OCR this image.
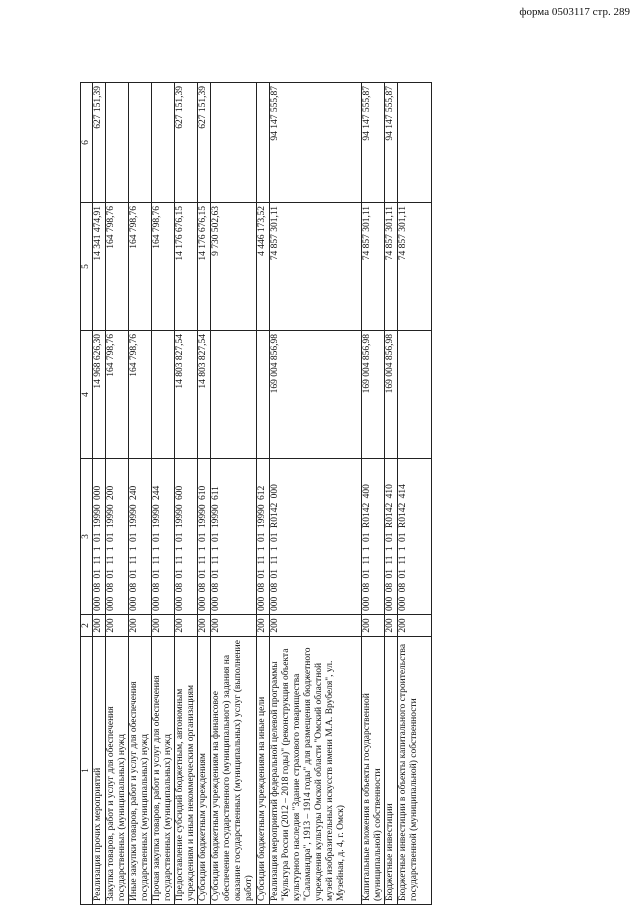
форма 0503117 стр. 289
1	2	3	4	5	6
Реализация прочих мероприятий	200	000 08 01 11 1 01 19990 000	14 968 626,30	14 341 474,91	627 151,39
Закупка товаров, работ и услуг для обеспечения государственных (муниципальных) нужд	200	000 08 01 11 1 01 19990 200	164 798,76	164 798,76	
Иные закупки товаров, работ и услуг для обеспечения государственных (муниципальных) нужд	200	000 08 01 11 1 01 19990 240	164 798,76	164 798,76	
Прочая закупка товаров, работ и услуг для обеспечения государственных (муниципальных) нужд	200	000 08 01 11 1 01 19990 244		164 798,76	
Предоставление субсидий бюджетным, автономным учреждениям и иным некоммерческим организациям	200	000 08 01 11 1 01 19990 600	14 803 827,54	14 176 676,15	627 151,39
Субсидии бюджетным учреждениям	200	000 08 01 11 1 01 19990 610	14 803 827,54	14 176 676,15	627 151,39
Субсидии бюджетным учреждениям на финансовое обеспечение государственного (муниципального) задания на оказание государственных (муниципальных) услуг (выполнение работ)	200	000 08 01 11 1 01 19990 611		9 730 502,63	
Субсидии бюджетным учреждениям на иные цели	200	000 08 01 11 1 01 19990 612		4 446 173,52	
Реализация мероприятий федеральной целевой программы "Культура России (2012 – 2018 годы)" (реконструкция объекта культурного наследия "Здание страхового товарищества "Саламандра", 1913 – 1914 годы" для размещения бюджетного учреждения культуры Омской области "Омский областной музей изобразительных искусств имени М.А. Врубеля", ул. Музейная, д. 4, г. Омск)	200	000 08 01 11 1 01 R0142 000	169 004 856,98	74 857 301,11	94 147 555,87
Капитальные вложения в объекты государственной (муниципальной) собственности	200	000 08 01 11 1 01 R0142 400	169 004 856,98	74 857 301,11	94 147 555,87
Бюджетные инвестиции	200	000 08 01 11 1 01 R0142 410	169 004 856,98	74 857 301,11	94 147 555,87
Бюджетные инвестиции в объекты капитального строительства государственной (муниципальной) собственности	200	000 08 01 11 1 01 R0142 414		74 857 301,11	
